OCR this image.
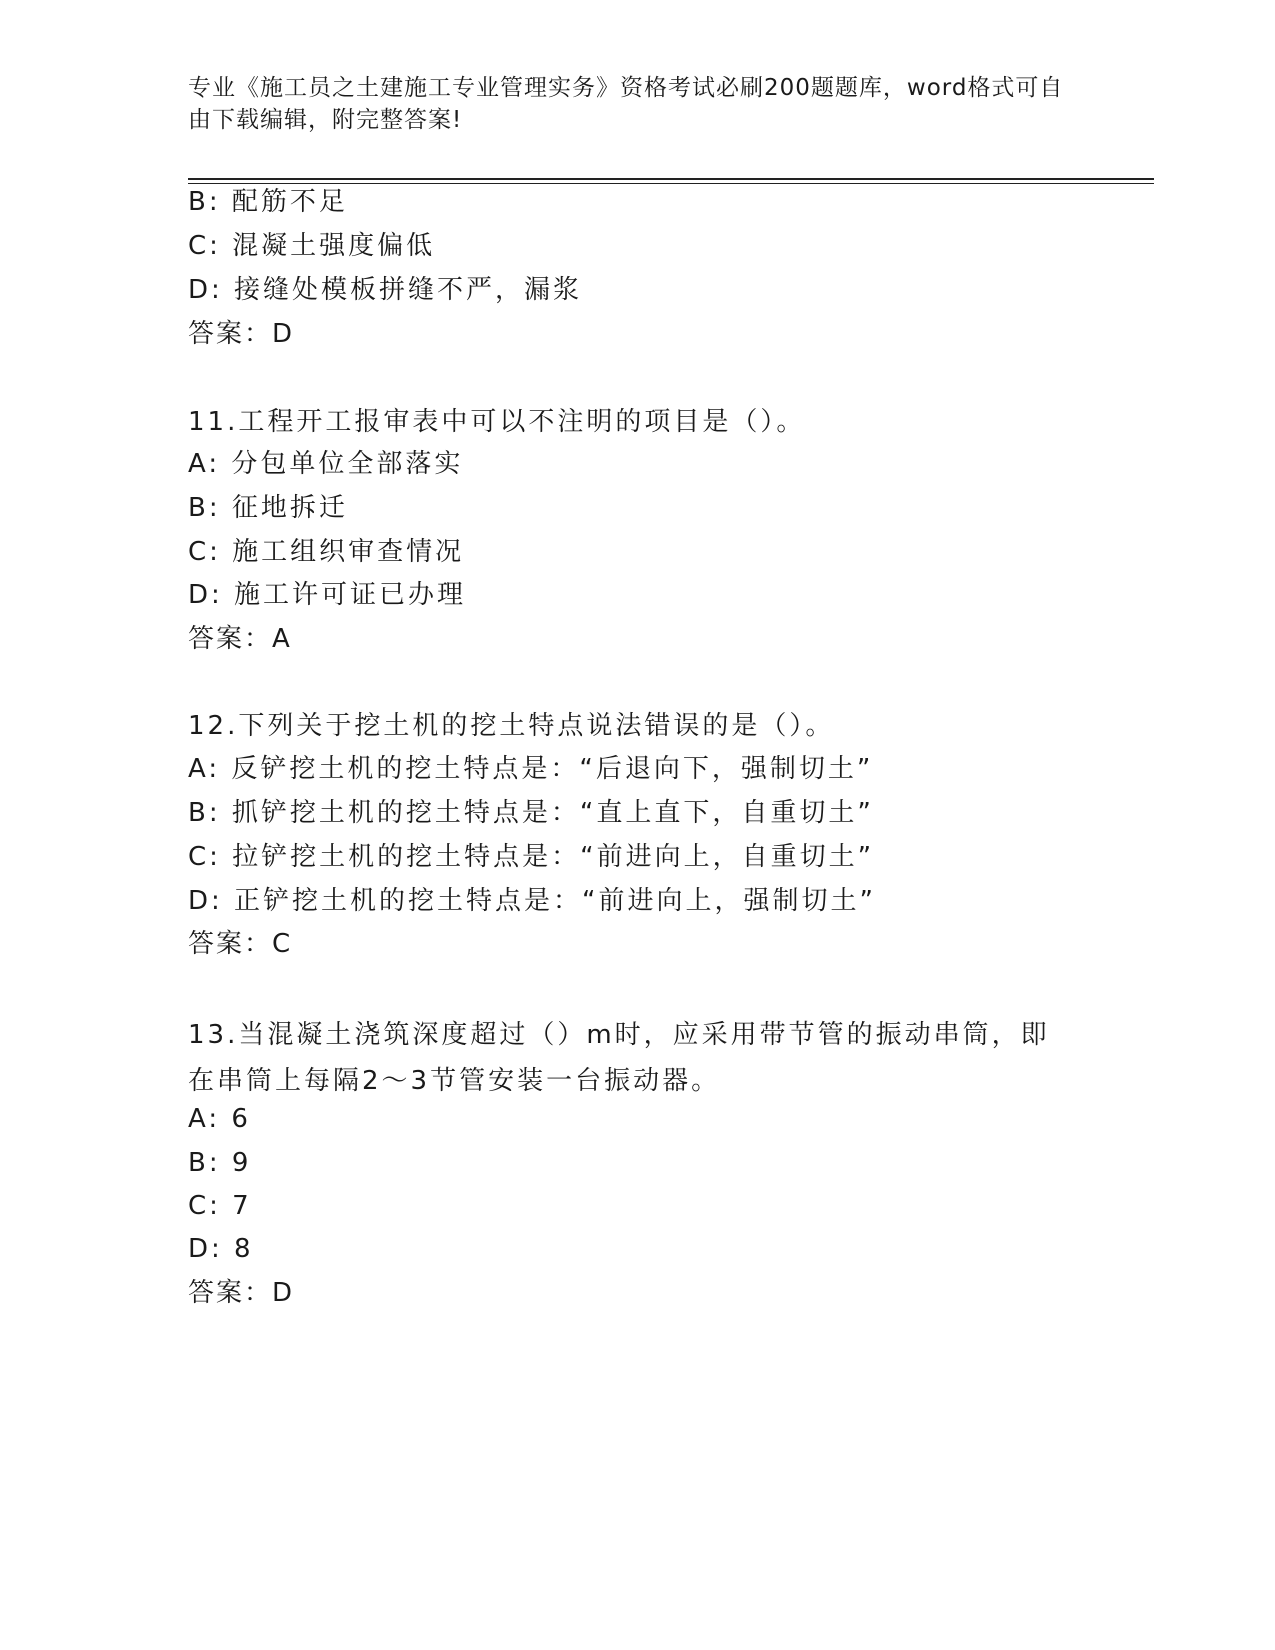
专业《施工员之土建施工专业管理实务》资格考试必刷200题题库，word格式可自由下载编辑，附完整答案!
B: 配筋不足
C: 混凝土强度偏低
D: 接缝处模板拼缝不严，漏浆
答案：D
11.工程开工报审表中可以不注明的项目是（）。
A: 分包单位全部落实
B: 征地拆迁
C: 施工组织审查情况
D: 施工许可证已办理
答案：A
12.下列关于挖土机的挖土特点说法错误的是（）。
A: 反铲挖土机的挖土特点是：“后退向下，强制切土”
B: 抓铲挖土机的挖土特点是：“直上直下，自重切土”
C: 拉铲挖土机的挖土特点是：“前进向上，自重切土”
D: 正铲挖土机的挖土特点是：“前进向上，强制切土”
答案：C
13.当混凝土浇筑深度超过（）m时，应采用带节管的振动串筒，即在串筒上每隔2～3节管安装一台振动器。
A: 6
B: 9
C: 7
D: 8
答案：D
